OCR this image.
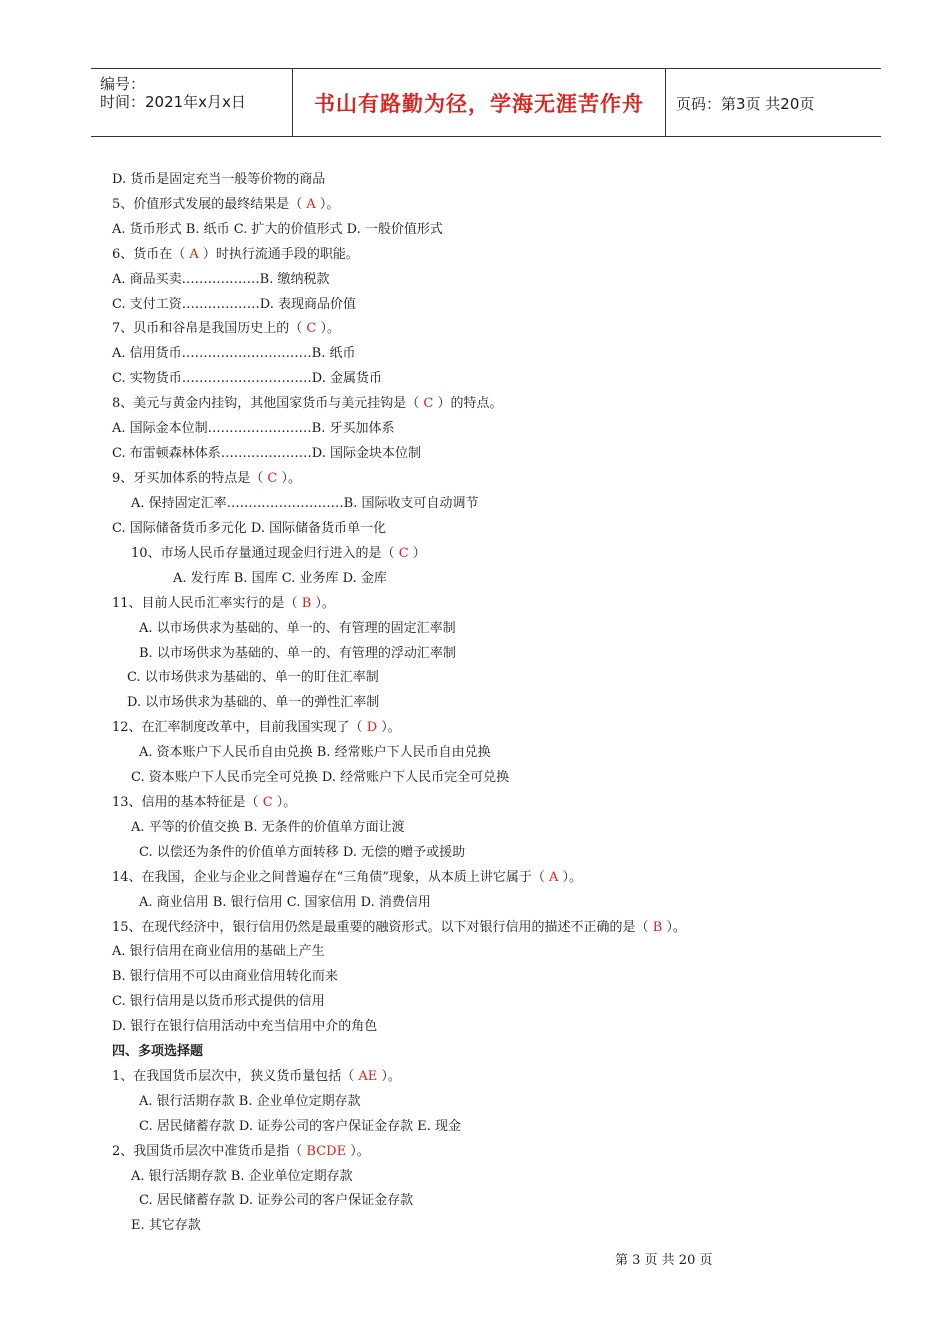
编号：
时间：2021年x月x日	书山有路勤为径，学海无涯苦作舟 页码：第3页 共20页
D. 货币是固定充当一般等价物的商品
5、价值形式发展的最终结果是（ A ）。
A. 货币形式 B. 纸币 C. 扩大的价值形式 D. 一般价值形式
6、货币在（ A ）时执行流通手段的职能。
A. 商品买卖………………B. 缴纳税款
C. 支付工资………………D. 表现商品价值
7、贝币和谷帛是我国历史上的（ C ）。
A. 信用货币…………………………B. 纸币
C. 实物货币…………………………D. 金属货币
8、美元与黄金内挂钩，其他国家货币与美元挂钩是（ C ）的特点。
A. 国际金本位制……………………B. 牙买加体系
C. 布雷顿森林体系…………………D. 国际金块本位制
9、牙买加体系的特点是（ C ）。
A. 保持固定汇率………………………B. 国际收支可自动调节
C. 国际储备货币多元化 D. 国际储备货币单一化
10、市场人民币存量通过现金归行进入的是（ C ）
A. 发行库 B. 国库 C. 业务库 D. 金库
11、目前人民币汇率实行的是（ B ）。
A. 以市场供求为基础的、单一的、有管理的固定汇率制
B. 以市场供求为基础的、单一的、有管理的浮动汇率制
C. 以市场供求为基础的、单一的盯住汇率制
D. 以市场供求为基础的、单一的弹性汇率制
12、在汇率制度改革中，目前我国实现了（ D ）。
A. 资本账户下人民币自由兑换 B. 经常账户下人民币自由兑换
C. 资本账户下人民币完全可兑换 D. 经常账户下人民币完全可兑换
13、信用的基本特征是（ C ）。
A. 平等的价值交换 B. 无条件的价值单方面让渡
C. 以偿还为条件的价值单方面转移 D. 无偿的赠予或援助
14、在我国，企业与企业之间普遍存在“三角债”现象，从本质上讲它属于（ A ）。
A. 商业信用 B. 银行信用 C. 国家信用 D. 消费信用
15、在现代经济中，银行信用仍然是最重要的融资形式。以下对银行信用的描述不正确的是（ B ）。
A. 银行信用在商业信用的基础上产生
B. 银行信用不可以由商业信用转化而来
C. 银行信用是以货币形式提供的信用
D. 银行在银行信用活动中充当信用中介的角色
四、多项选择题
1、在我国货币层次中，狭义货币量包括（ AE ）。
A. 银行活期存款 B. 企业单位定期存款
C. 居民储蓄存款 D. 证券公司的客户保证金存款 E. 现金
2、我国货币层次中准货币是指（ BCDE ）。
A. 银行活期存款 B. 企业单位定期存款
C. 居民储蓄存款 D. 证券公司的客户保证金存款
E. 其它存款
第 3 页 共 20 页
